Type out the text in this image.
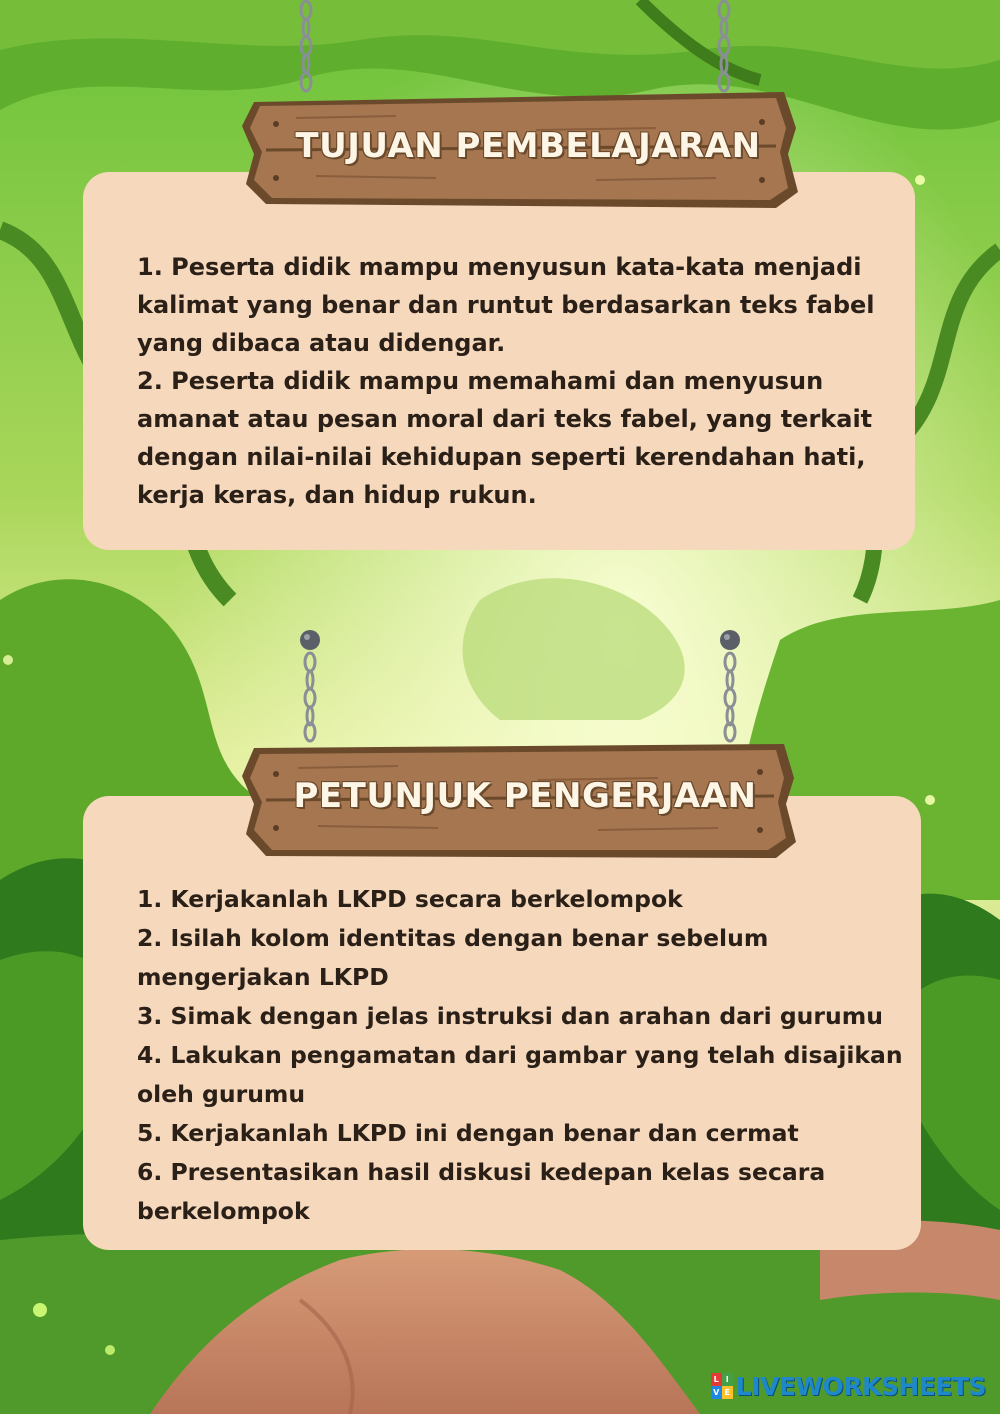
TUJUAN PEMBELAJARAN
1. Peserta didik mampu menyusun kata-kata menjadi
kalimat yang benar dan runtut berdasarkan teks fabel
yang dibaca atau didengar.
2. Peserta didik mampu memahami dan menyusun
amanat atau pesan moral dari teks fabel, yang terkait
dengan nilai-nilai kehidupan seperti kerendahan hati,
kerja keras, dan hidup rukun.
PETUNJUK PENGERJAAN
1. Kerjakanlah LKPD secara berkelompok
2. Isilah kolom identitas dengan benar sebelum
mengerjakan LKPD
3. Simak dengan jelas instruksi dan arahan dari gurumu
4. Lakukan pengamatan dari gambar yang telah disajikan
oleh gurumu
5. Kerjakanlah LKPD ini dengan benar dan cermat
6. Presentasikan hasil diskusi kedepan kelas secara
berkelompok
L I
V E LIVEWORKSHEETS
